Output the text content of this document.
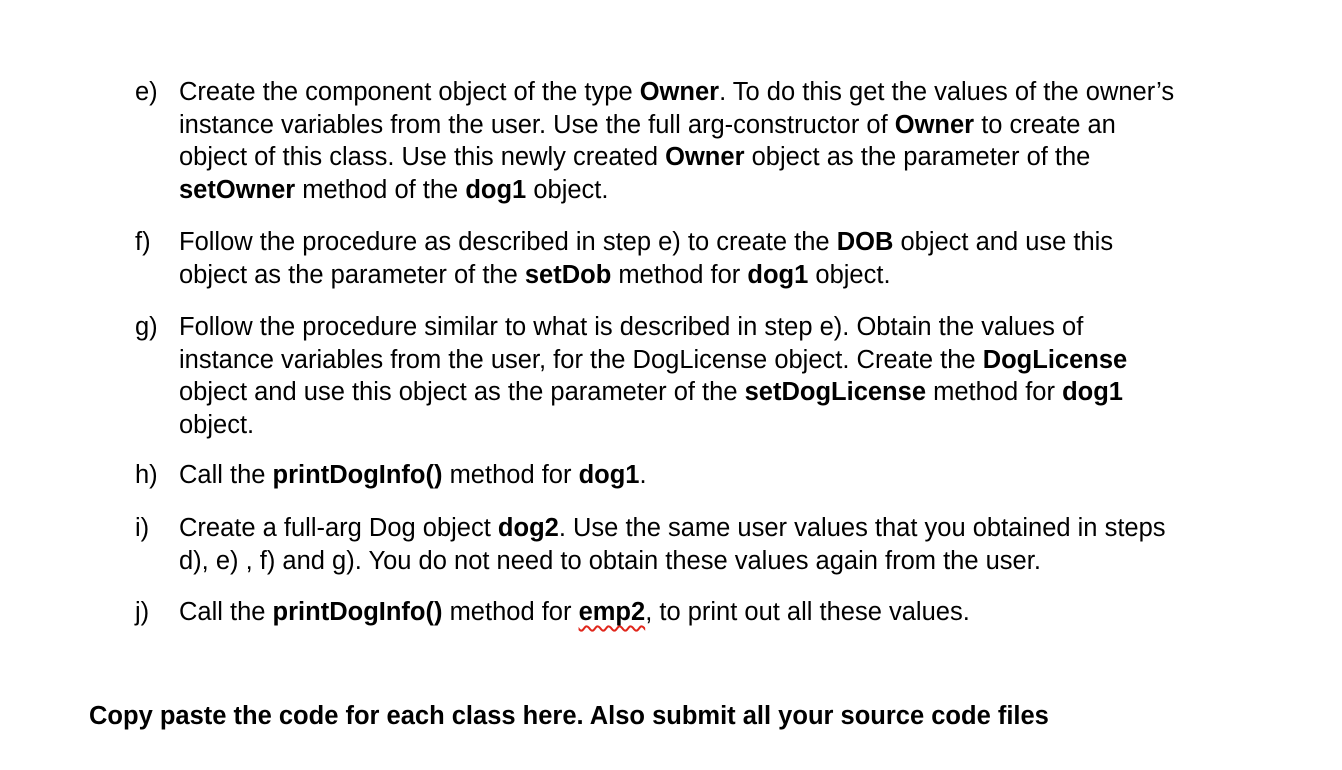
e) Create the component object of the type Owner. To do this get the values of the owner’s
instance variables from the user. Use the full arg-constructor of Owner to create an
object of this class. Use this newly created Owner object as the parameter of the
setOwner method of the dog1 object.
f)	Follow the procedure as described in step e) to create the DOB object and use this
object as the parameter of the setDob method for dog1 object.
g) Follow the procedure similar to what is described in step e). Obtain the values of
instance variables from the user, for the DogLicense object. Create the DogLicense
object and use this object as the parameter of the setDogLicense method for dog1
object.
h) Call the printDogInfo() method for dog1.
i)	Create a full-arg Dog object dog2. Use the same user values that you obtained in steps
d), e) , f) and g). You do not need to obtain these values again from the user.
j)	Call the printDogInfo() method for emp2, to print out all these values.
Copy paste the code for each class here. Also submit all your source code files
